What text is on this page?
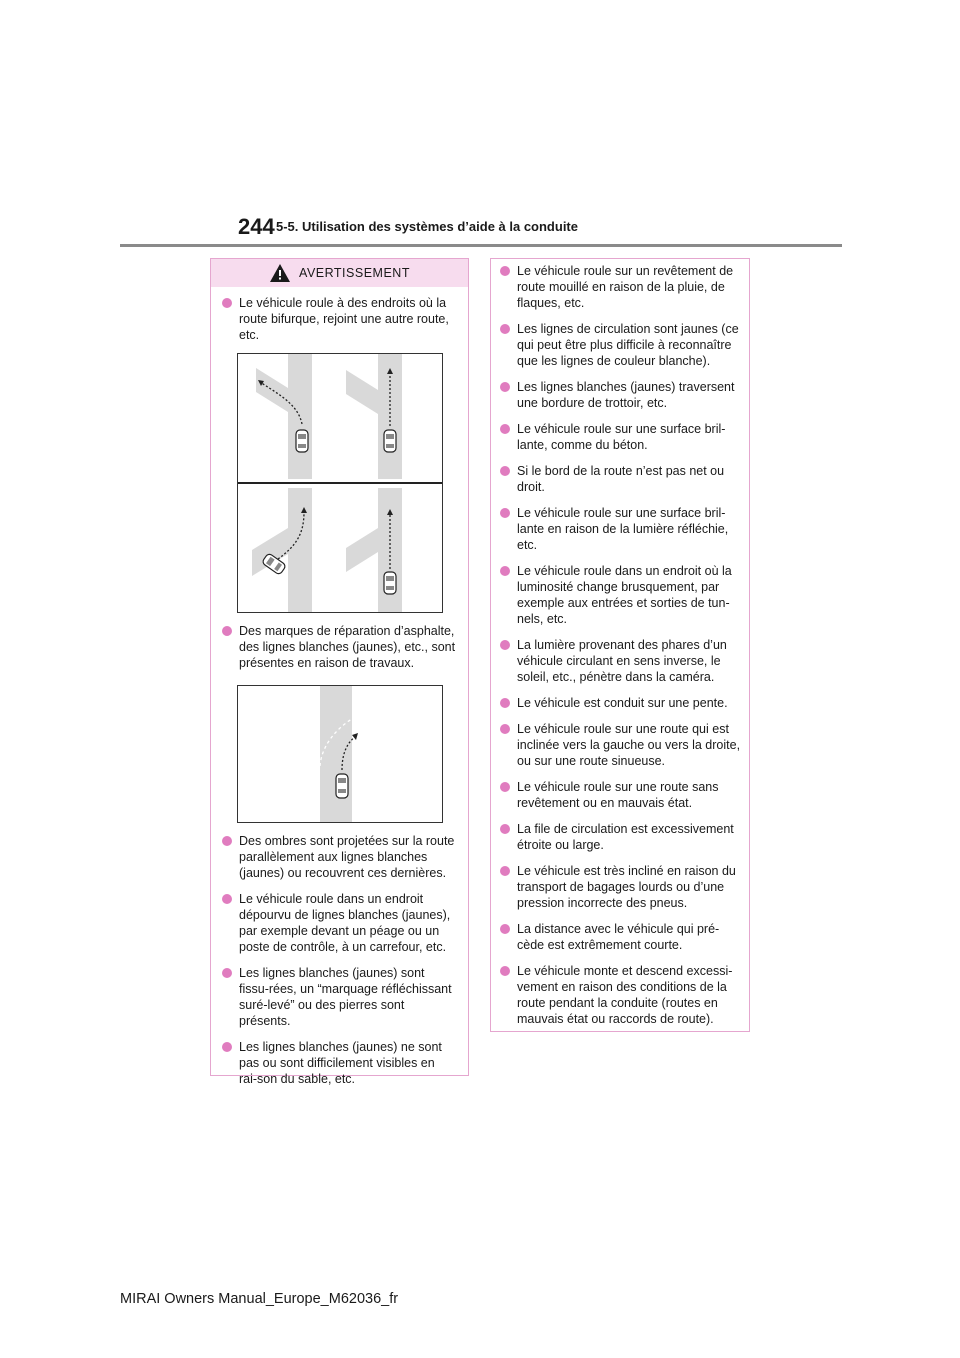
244 5-5. Utilisation des systèmes d’aide à la conduite
AVERTISSEMENT

Le véhicule roule à des endroits où la route bifurque, rejoint une autre route, etc.

Des marques de réparation d’asphalte, des lignes blanches (jaunes), etc., sont présentes en raison de travaux.

Des ombres sont projetées sur la route parallèlement aux lignes blanches (jaunes) ou recouvrent ces dernières.

Le véhicule roule dans un endroit dépourvu de lignes blanches (jaunes), par exemple devant un péage ou un poste de contrôle, à un carrefour, etc.

Les lignes blanches (jaunes) sont fissu-rées, un “marquage réfléchissant suré-levé” ou des pierres sont présents.

Les lignes blanches (jaunes) ne sont pas ou sont difficilement visibles en rai-son du sable, etc.

Le véhicule roule sur un revêtement de route mouillé en raison de la pluie, de flaques, etc.

Les lignes de circulation sont jaunes (ce qui peut être plus difficile à reconnaître que les lignes de couleur blanche).

Les lignes blanches (jaunes) traversent une bordure de trottoir, etc.

Le véhicule roule sur une surface bril-lante, comme du béton.

Si le bord de la route n’est pas net ou droit.

Le véhicule roule sur une surface bril-lante en raison de la lumière réfléchie, etc.

Le véhicule roule dans un endroit où la luminosité change brusquement, par exemple aux entrées et sorties de tun-nels, etc.

La lumière provenant des phares d’un véhicule circulant en sens inverse, le soleil, etc., pénètre dans la caméra.

Le véhicule est conduit sur une pente.

Le véhicule roule sur une route qui est inclinée vers la gauche ou vers la droite, ou sur une route sinueuse.

Le véhicule roule sur une route sans revêtement ou en mauvais état.

La file de circulation est excessivement étroite ou large.

Le véhicule est très incliné en raison du transport de bagages lourds ou d’une pression incorrecte des pneus.

La distance avec le véhicule qui pré-cède est extrêmement courte.

Le véhicule monte et descend excessi-vement en raison des conditions de la route pendant la conduite (routes en mauvais état ou raccords de route).

MIRAI Owners Manual_Europe_M62036_fr
